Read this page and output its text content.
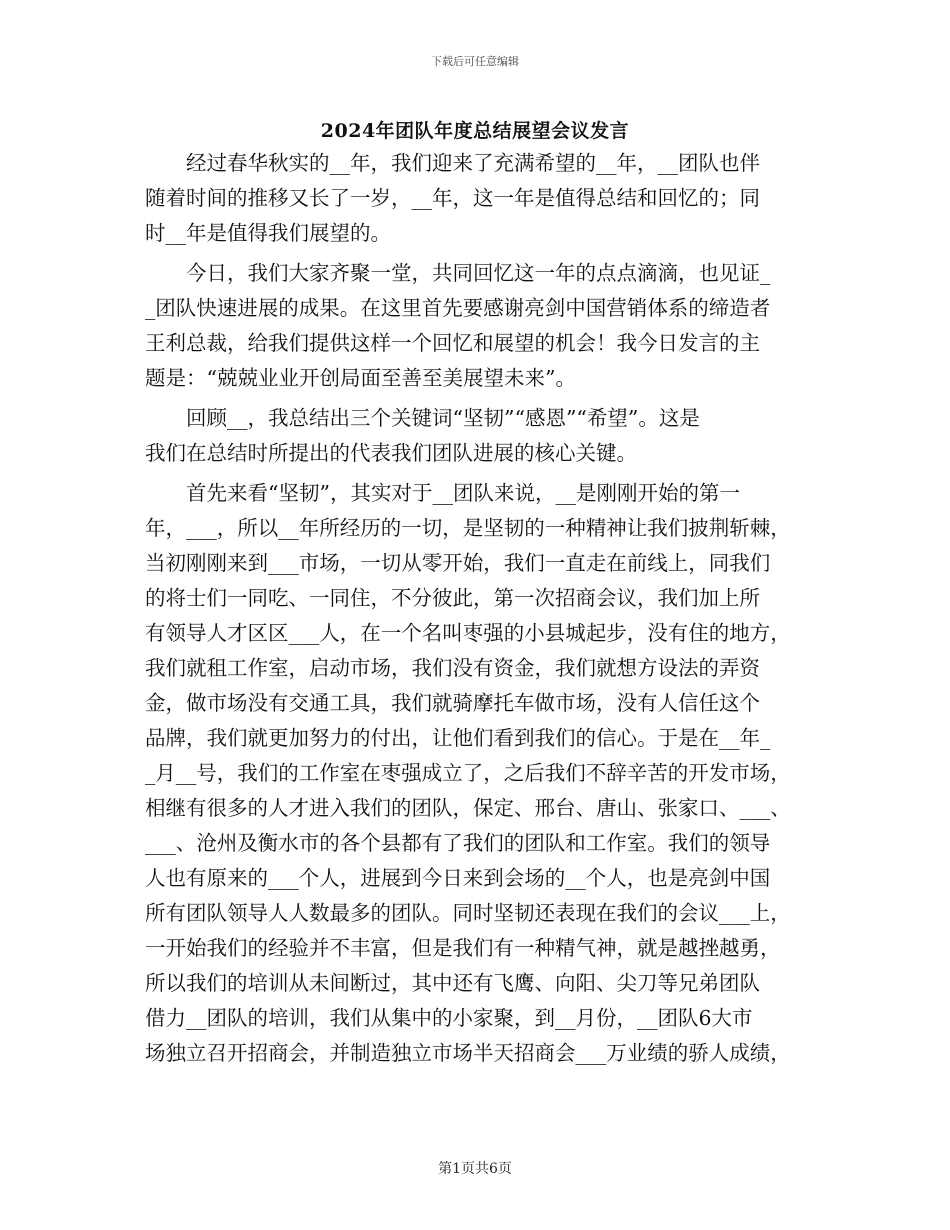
下载后可任意编辑
2024年团队年度总结展望会议发言
　　经过春华秋实的__年，我们迎来了充满希望的__年，__团队也伴
随着时间的推移又长了一岁，__年，这一年是值得总结和回忆的；同
时__年是值得我们展望的。
　　今日，我们大家齐聚一堂，共同回忆这一年的点点滴滴，也见证_
_团队快速进展的成果。在这里首先要感谢亮剑中国营销体系的缔造者
王利总裁，给我们提供这样一个回忆和展望的机会！我今日发言的主
题是：“兢兢业业开创局面至善至美展望未来”。
　　回顾__，我总结出三个关键词“坚韧”“感恩”“希望”。这是
我们在总结时所提出的代表我们团队进展的核心关键。
　　首先来看“坚韧”，其实对于__团队来说，__是刚刚开始的第一
年，___，所以__年所经历的一切，是坚韧的一种精神让我们披荆斩棘，
当初刚刚来到___市场，一切从零开始，我们一直走在前线上，同我们
的将士们一同吃、一同住，不分彼此，第一次招商会议，我们加上所
有领导人才区区___人，在一个名叫枣强的小县城起步，没有住的地方，
我们就租工作室，启动市场，我们没有资金，我们就想方设法的弄资
金，做市场没有交通工具，我们就骑摩托车做市场，没有人信任这个
品牌，我们就更加努力的付出，让他们看到我们的信心。于是在__年_
_月__号，我们的工作室在枣强成立了，之后我们不辞辛苦的开发市场，
相继有很多的人才进入我们的团队，保定、邢台、唐山、张家口、___、
___、沧州及衡水市的各个县都有了我们的团队和工作室。我们的领导
人也有原来的___个人，进展到今日来到会场的__个人，也是亮剑中国
所有团队领导人人数最多的团队。同时坚韧还表现在我们的会议___上，
一开始我们的经验并不丰富，但是我们有一种精气神，就是越挫越勇，
所以我们的培训从未间断过，其中还有飞鹰、向阳、尖刀等兄弟团队
借力__团队的培训，我们从集中的小家聚，到__月份，__团队6大市
场独立召开招商会，并制造独立市场半天招商会___万业绩的骄人成绩，
第1页共6页
